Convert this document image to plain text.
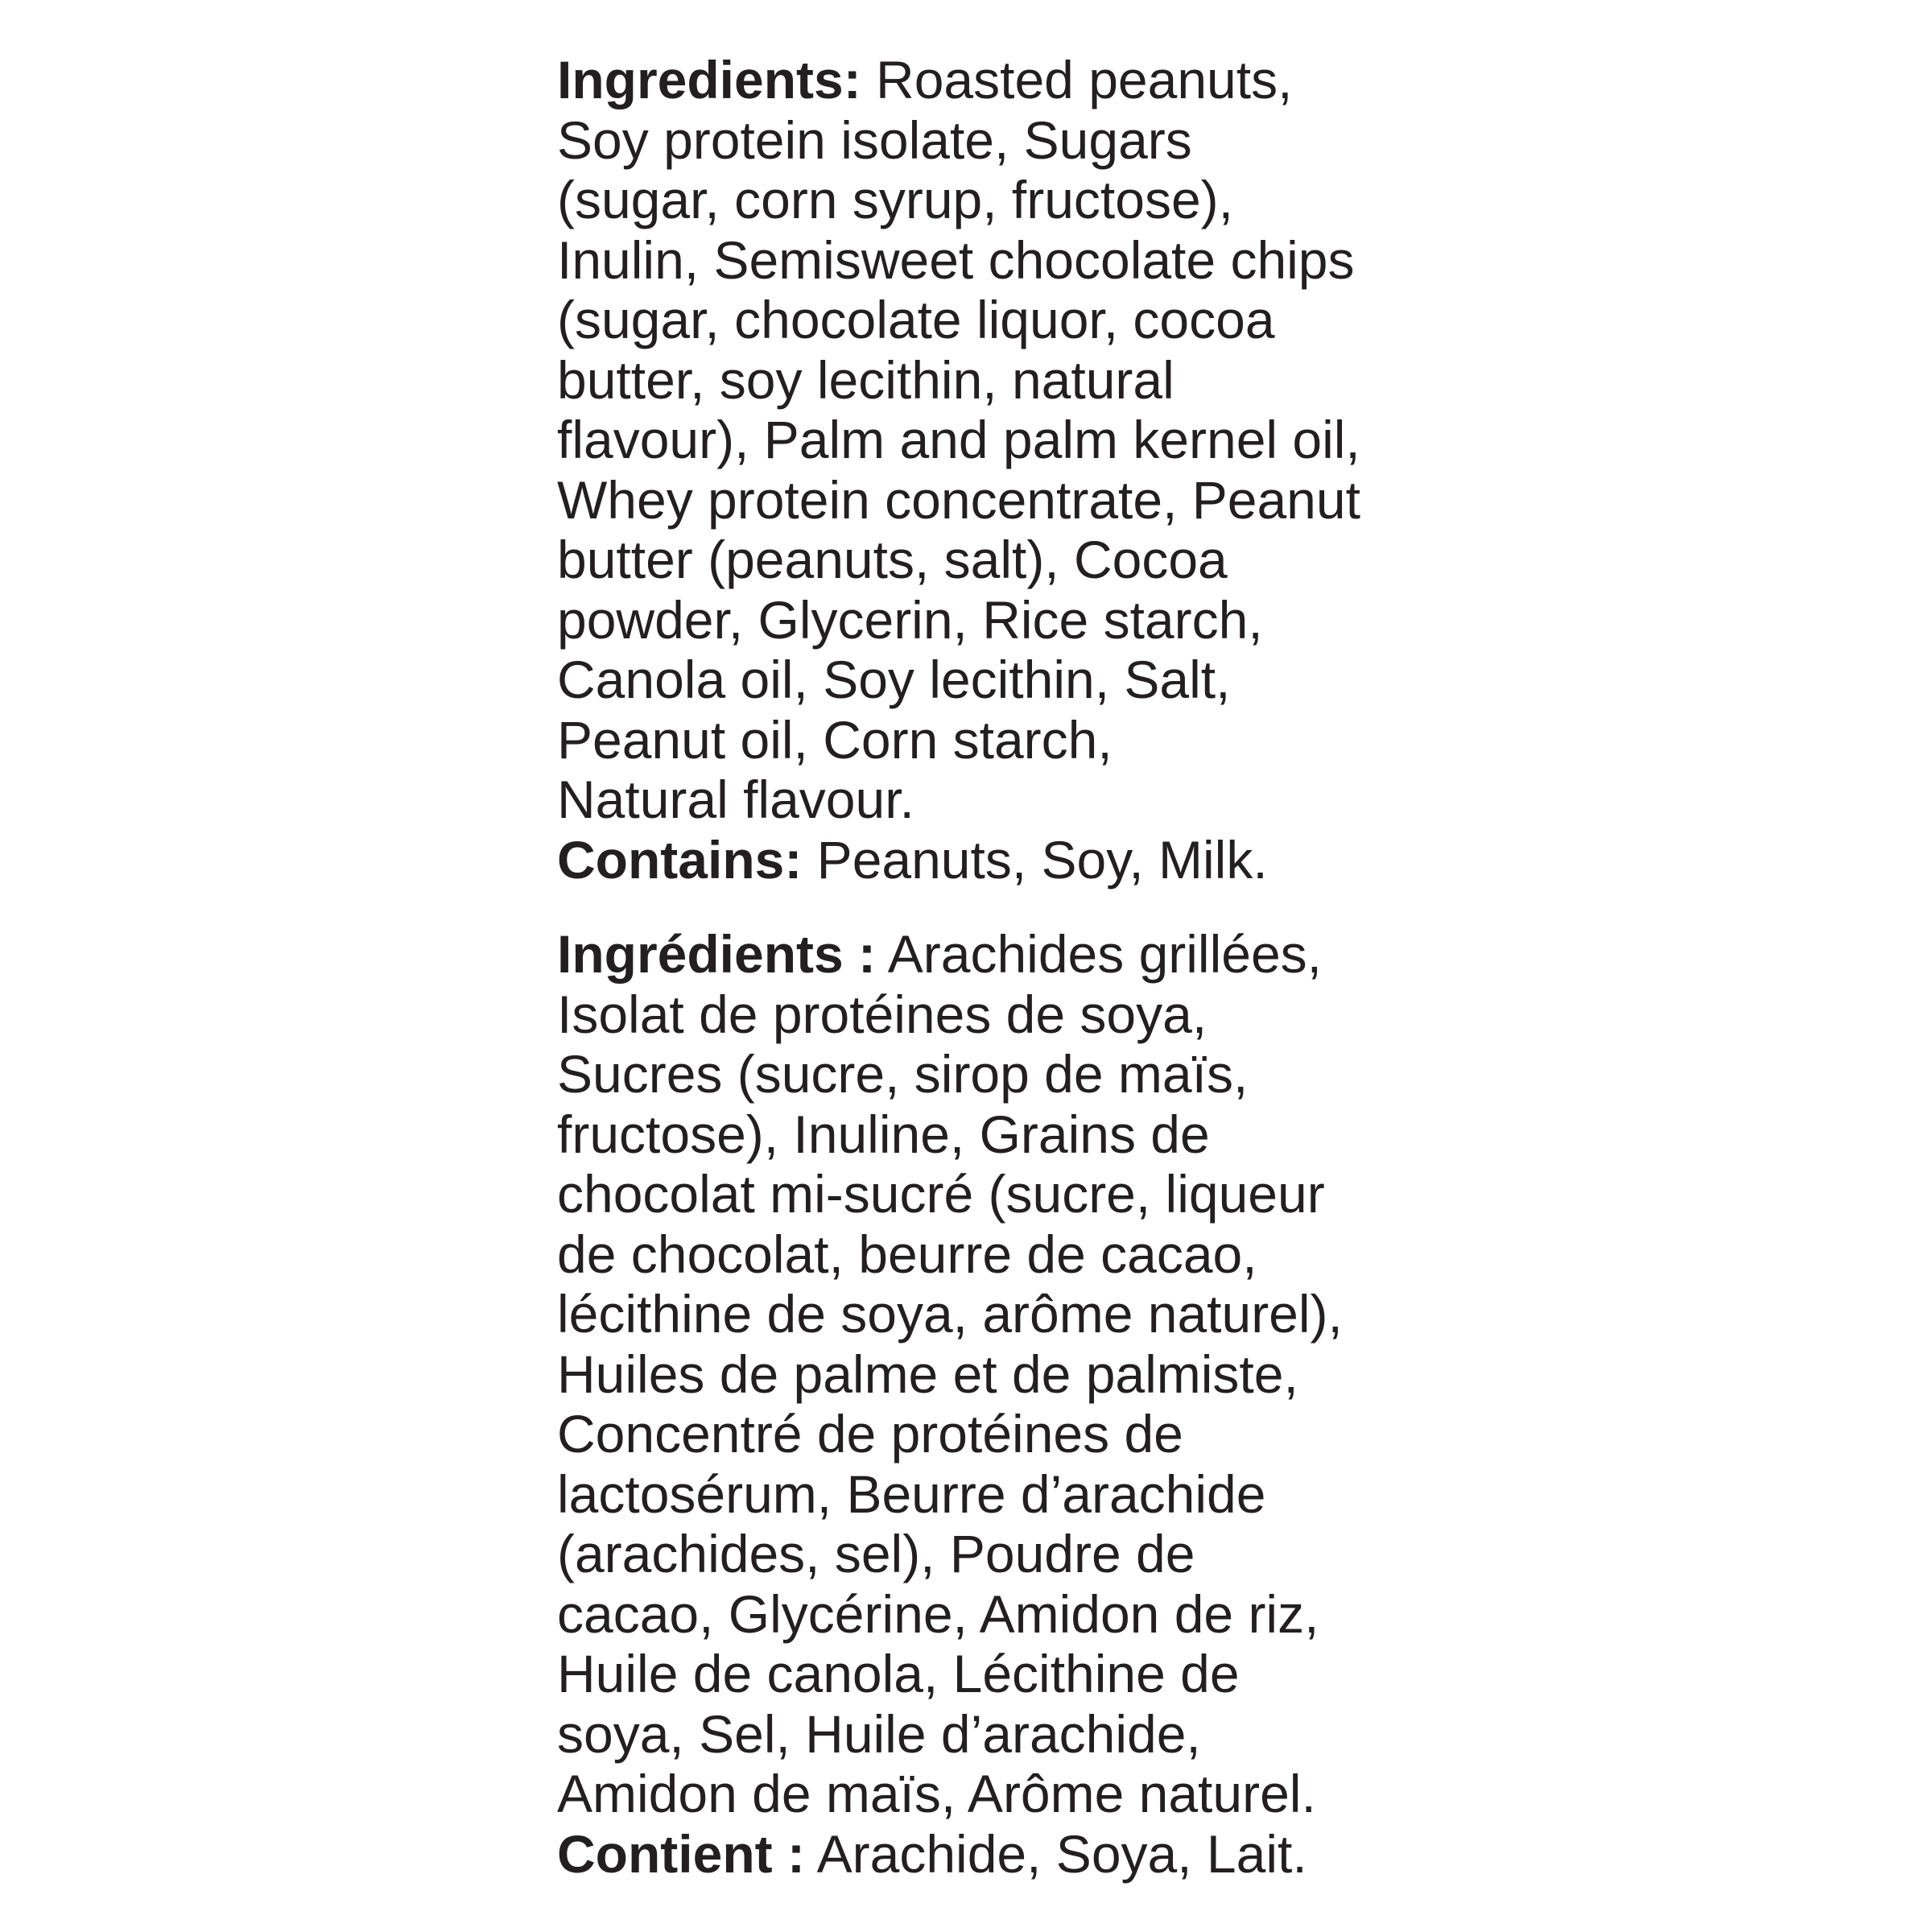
Ingredients: Roasted peanuts,
Soy protein isolate, Sugars
(sugar, corn syrup, fructose),
Inulin, Semisweet chocolate chips
(sugar, chocolate liquor, cocoa
butter, soy lecithin, natural
flavour), Palm and palm kernel oil,
Whey protein concentrate, Peanut
butter (peanuts, salt), Cocoa
powder, Glycerin, Rice starch,
Canola oil, Soy lecithin, Salt,
Peanut oil, Corn starch,
Natural flavour.
Contains: Peanuts, Soy, Milk.
Ingrédients : Arachides grillées,
Isolat de protéines de soya,
Sucres (sucre, sirop de maïs,
fructose), Inuline, Grains de
chocolat mi-sucré (sucre, liqueur
de chocolat, beurre de cacao,
lécithine de soya, arôme naturel),
Huiles de palme et de palmiste,
Concentré de protéines de
lactosérum, Beurre d’arachide
(arachides, sel), Poudre de
cacao, Glycérine, Amidon de riz,
Huile de canola, Lécithine de
soya, Sel, Huile d’arachide,
Amidon de maïs, Arôme naturel.
Contient : Arachide, Soya, Lait.
